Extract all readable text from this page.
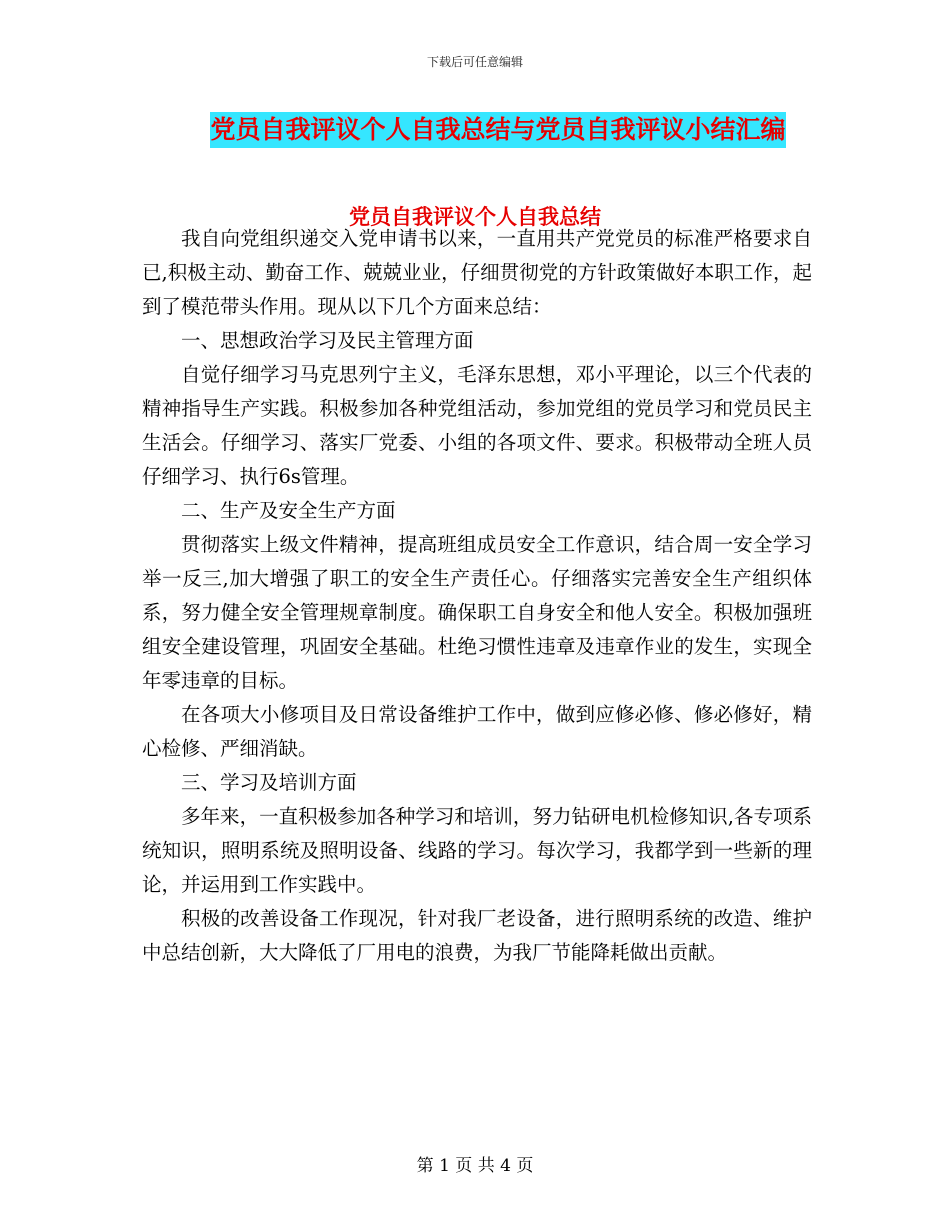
下载后可任意编辑
党员自我评议个人自我总结与党员自我评议小结汇编
党员自我评议个人自我总结

我自向党组织递交入党申请书以来，一直用共产党党员的标准严格要求自已,积极主动、勤奋工作、兢兢业业，仔细贯彻党的方针政策做好本职工作，起到了模范带头作用。现从以下几个方面来总结：

一、思想政治学习及民主管理方面

自觉仔细学习马克思列宁主义，毛泽东思想，邓小平理论，以三个代表的精神指导生产实践。积极参加各种党组活动，参加党组的党员学习和党员民主生活会。仔细学习、落实厂党委、小组的各项文件、要求。积极带动全班人员仔细学习、执行6s管理。

二、生产及安全生产方面

贯彻落实上级文件精神，提高班组成员安全工作意识，结合周一安全学习举一反三,加大增强了职工的安全生产责任心。仔细落实完善安全生产组织体系，努力健全安全管理规章制度。确保职工自身安全和他人安全。积极加强班组安全建设管理，巩固安全基础。杜绝习惯性违章及违章作业的发生，实现全年零违章的目标。

在各项大小修项目及日常设备维护工作中，做到应修必修、修必修好，精心检修、严细消缺。

三、学习及培训方面

多年来，一直积极参加各种学习和培训，努力钻研电机检修知识,各专项系统知识，照明系统及照明设备、线路的学习。每次学习，我都学到一些新的理论，并运用到工作实践中。

积极的改善设备工作现况，针对我厂老设备，进行照明系统的改造、维护中总结创新，大大降低了厂用电的浪费，为我厂节能降耗做出贡献。

第 1 页 共 4 页
